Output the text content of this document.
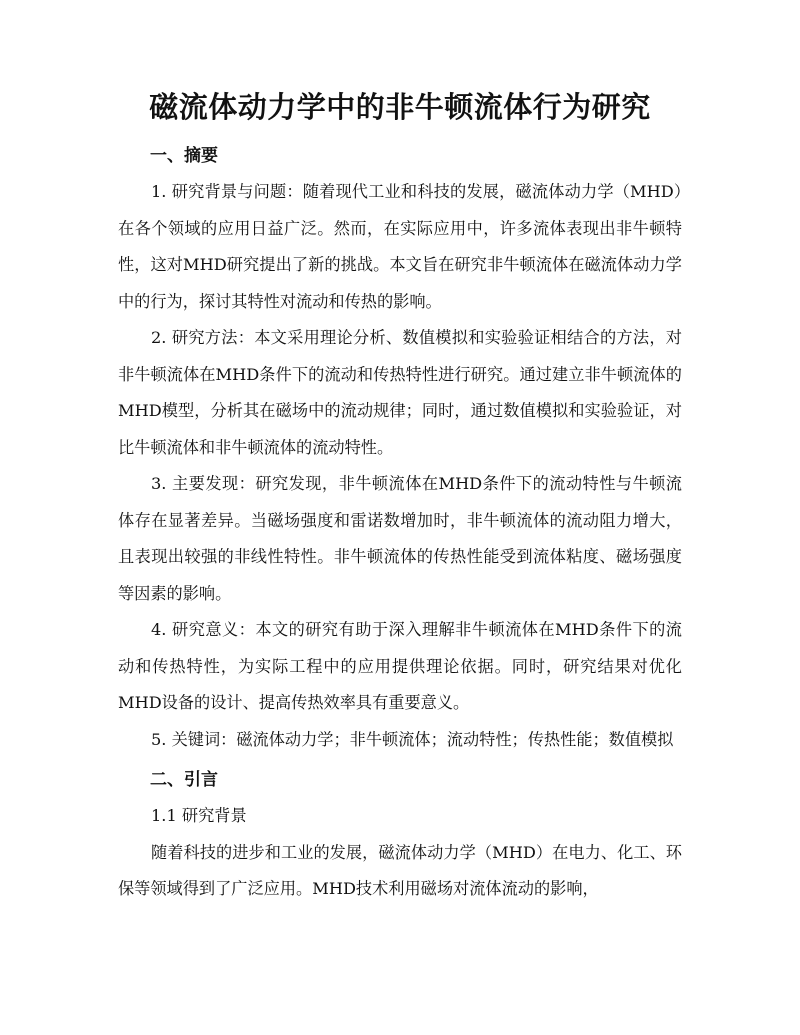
磁流体动力学中的非牛顿流体行为研究
一、摘要

1. 研究背景与问题：随着现代工业和科技的发展，磁流体动力学（MHD）在各个领域的应用日益广泛。然而，在实际应用中，许多流体表现出非牛顿特性，这对MHD研究提出了新的挑战。本文旨在研究非牛顿流体在磁流体动力学中的行为，探讨其特性对流动和传热的影响。

2. 研究方法：本文采用理论分析、数值模拟和实验验证相结合的方法，对非牛顿流体在MHD条件下的流动和传热特性进行研究。通过建立非牛顿流体的MHD模型，分析其在磁场中的流动规律；同时，通过数值模拟和实验验证，对比牛顿流体和非牛顿流体的流动特性。

3. 主要发现：研究发现，非牛顿流体在MHD条件下的流动特性与牛顿流体存在显著差异。当磁场强度和雷诺数增加时，非牛顿流体的流动阻力增大，且表现出较强的非线性特性。非牛顿流体的传热性能受到流体粘度、磁场强度等因素的影响。

4. 研究意义：本文的研究有助于深入理解非牛顿流体在MHD条件下的流动和传热特性，为实际工程中的应用提供理论依据。同时，研究结果对优化MHD设备的设计、提高传热效率具有重要意义。

5. 关键词：磁流体动力学；非牛顿流体；流动特性；传热性能；数值模拟

二、引言
1.1 研究背景

随着科技的进步和工业的发展，磁流体动力学（MHD）在电力、化工、环保等领域得到了广泛应用。MHD技术利用磁场对流体流动的影响，
